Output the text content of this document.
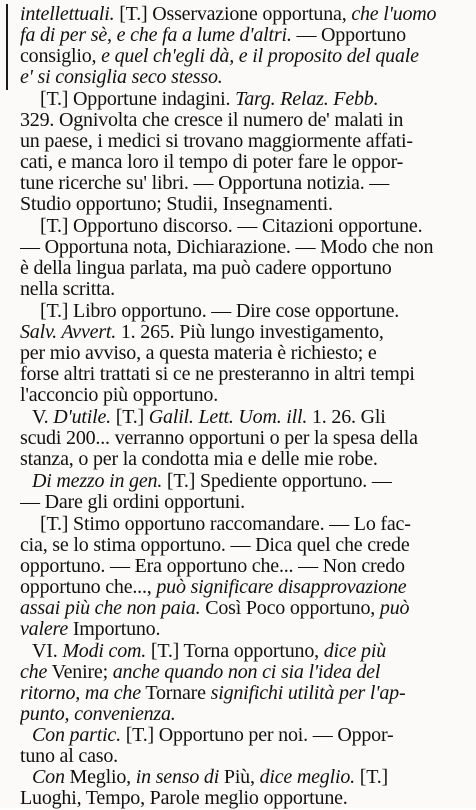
intellettuali. [T.] Osservazione opportuna, che l'uomo
fa di per sè, e che fa a lume d'altri. — Opportuno
consiglio, e quel ch'egli dà, e il proposito del quale
e' si consiglia seco stesso.
[T.] Opportune indagini. Targ. Relaz. Febb.
329. Ognivolta che cresce il numero de' malati in
un paese, i medici si trovano maggiormente affati-
cati, e manca loro il tempo di poter fare le oppor-
tune ricerche su' libri. — Opportuna notizia. —
Studio opportuno; Studii, Insegnamenti.
[T.] Opportuno discorso. — Citazioni opportune.
— Opportuna nota, Dichiarazione. — Modo che non
è della lingua parlata, ma può cadere opportuno
nella scritta.
[T.] Libro opportuno. — Dire cose opportune.
Salv. Avvert. 1. 265. Più lungo investigamento,
per mio avviso, a questa materia è richiesto; e
forse altri trattati si ce ne presteranno in altri tempi
l'acconcio più opportuno.
V. D'utile. [T.] Galil. Lett. Uom. ill. 1. 26. Gli
scudi 200... verranno opportuni o per la spesa della
stanza, o per la condotta mia e delle mie robe.
Di mezzo in gen. [T.] Spediente opportuno. —
— Dare gli ordini opportuni.
[T.] Stimo opportuno raccomandare. — Lo fac-
cia, se lo stima opportuno. — Dica quel che crede
opportuno. — Era opportuno che... — Non credo
opportuno che..., può significare disapprovazione
assai più che non paia. Così Poco opportuno, può
valere Importuno.
VI. Modi com. [T.] Torna opportuno, dice più
che Venire; anche quando non ci sia l'idea del
ritorno, ma che Tornare significhi utilità per l'ap-
punto, convenienza.
Con partic. [T.] Opportuno per noi. — Oppor-
tuno al caso.
Con Meglio, in senso di Più, dice meglio. [T.]
Luoghi, Tempo, Parole meglio opportune.
